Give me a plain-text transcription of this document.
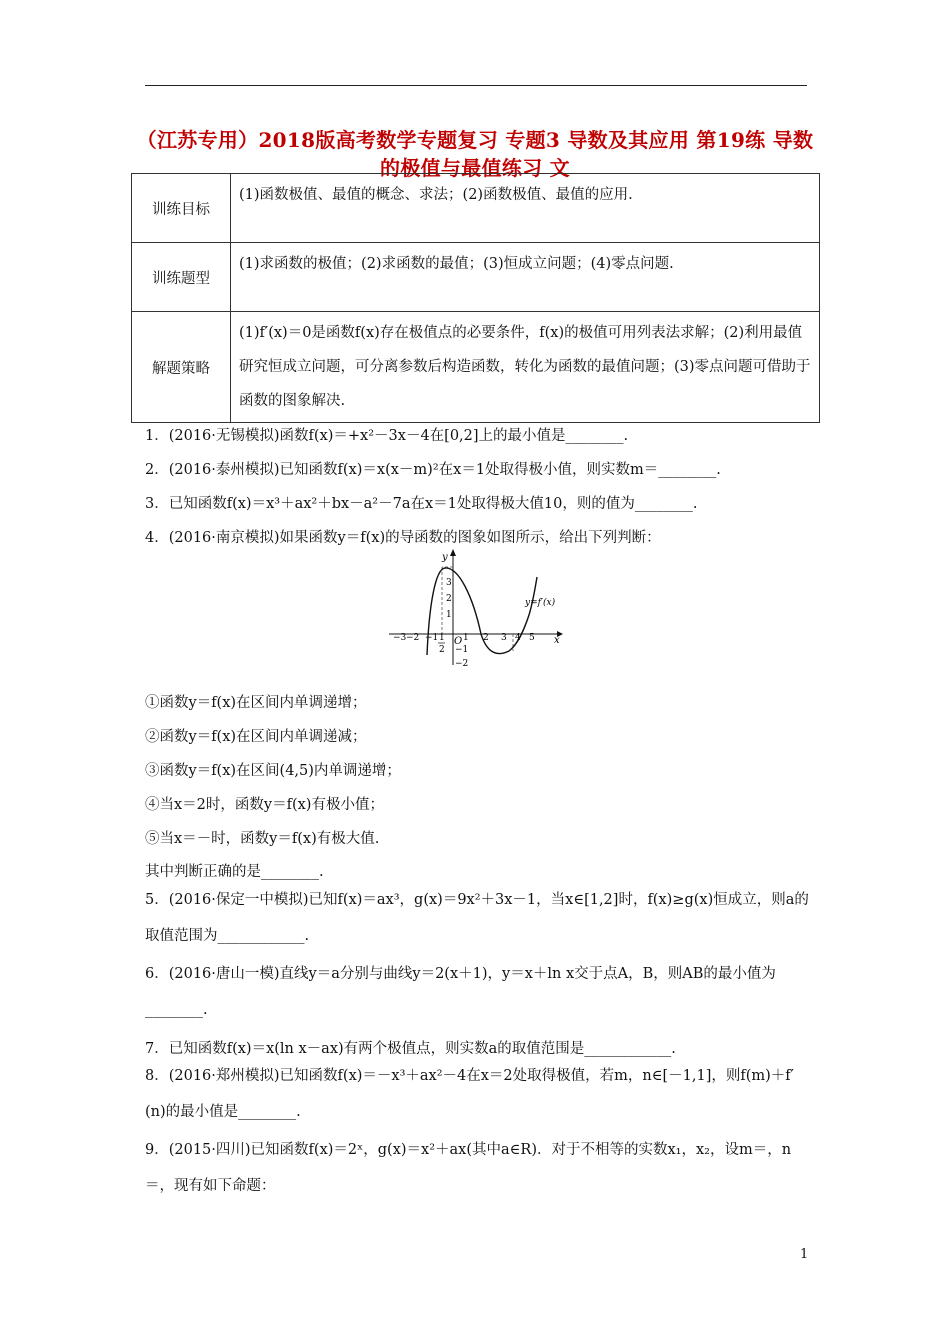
（江苏专用）2018版高考数学专题复习 专题3 导数及其应用 第19练 导数的极值与最值练习 文
训练目标	(1)函数极值、最值的概念、求法；(2)函数极值、最值的应用.
训练题型	(1)求函数的极值；(2)求函数的最值；(3)恒成立问题；(4)零点问题.
解题策略	(1)f′(x)＝0是函数f(x)存在极值点的必要条件，f(x)的极值可用列表法求解；(2)利用最值研究恒成立问题，可分离参数后构造函数，转化为函数的最值问题；(3)零点问题可借助于函数的图象解决.
1．(2016·无锡模拟)函数f(x)＝+x²－3x－4在[0,2]上的最小值是________.
2．(2016·泰州模拟)已知函数f(x)＝x(x－m)²在x＝1处取得极小值，则实数m＝________.
3．已知函数f(x)＝x³＋ax²＋bx－a²－7a在x＝1处取得极大值10，则的值为________.
4．(2016·南京模拟)如果函数y＝f(x)的导函数的图象如图所示，给出下列判断：
y
x
O
y=f′(x)
3
2
1
−1
−2
−3 −2 −1 1
2
1 2 3 4 5
①函数y＝f(x)在区间内单调递增；
②函数y＝f(x)在区间内单调递减；
③函数y＝f(x)在区间(4,5)内单调递增；
④当x＝2时，函数y＝f(x)有极小值；
⑤当x＝－时，函数y＝f(x)有极大值.
其中判断正确的是________.
5．(2016·保定一中模拟)已知f(x)＝ax³，g(x)＝9x²＋3x－1，当x∈[1,2]时，f(x)≥g(x)恒成立，则a的取值范围为____________.
6．(2016·唐山一模)直线y＝a分别与曲线y＝2(x＋1)，y＝x＋ln x交于点A，B，则AB的最小值为________.
7．已知函数f(x)＝x(ln x－ax)有两个极值点，则实数a的取值范围是____________.
8．(2016·郑州模拟)已知函数f(x)＝－x³＋ax²－4在x＝2处取得极值，若m，n∈[－1,1]，则f(m)＋f′(n)的最小值是________.
9．(2015·四川)已知函数f(x)＝2ˣ，g(x)＝x²＋ax(其中a∈R)．对于不相等的实数x₁，x₂，设m＝，n＝，现有如下命题：
1
